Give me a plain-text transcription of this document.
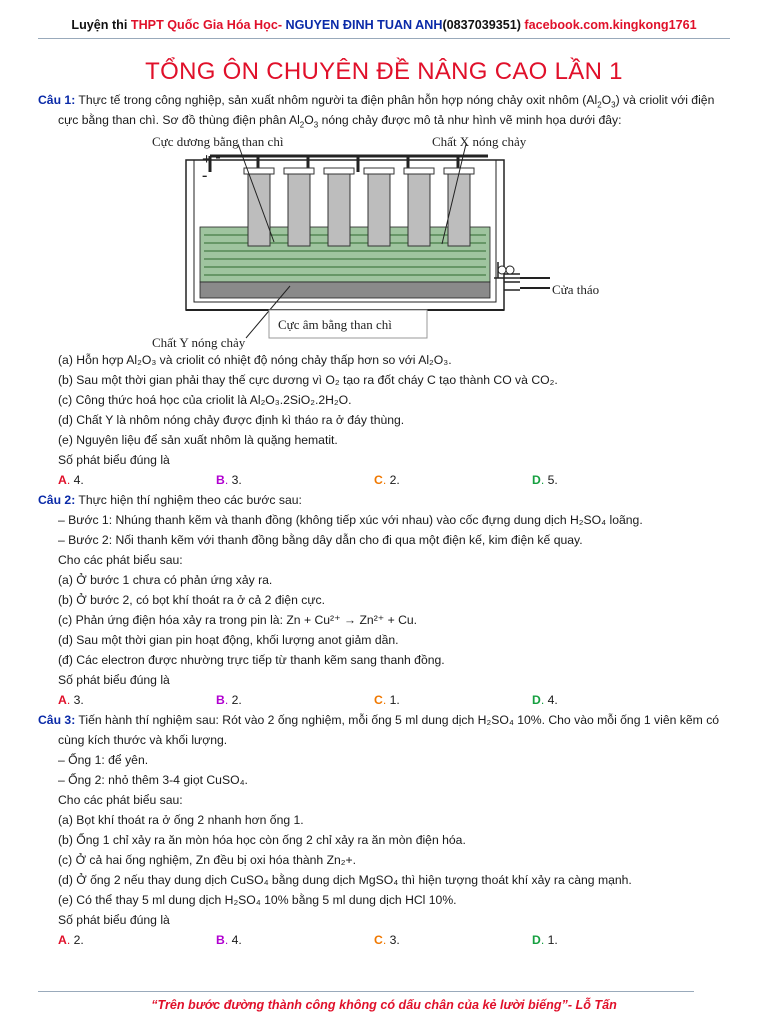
Luyện thi THPT Quốc Gia Hóa Học- NGUYEN ĐINH TUAN ANH(0837039351) facebook.com.kingkong1761
TỔNG ÔN CHUYÊN ĐỀ NÂNG CAO LẦN 1
Câu 1: Thực tế trong công nghiệp, sản xuất nhôm người ta điện phân hỗn hợp nóng chảy oxit nhôm $(Al_2O_3)$ và criolit với điện
cực bằng than chì. Sơ đồ thùng điện phân $Al_2O_3$ nóng chảy được mô tả như hình vẽ minh họa dưới đây:
+
-
Cực dương bằng than chì	Chất X nóng chảy
Cửa tháo
Cực âm bằng than chì
Chất Y nóng chảy
(a) Hỗn hợp Al₂O₃ và criolit có nhiệt độ nóng chảy thấp hơn so với Al₂O₃.
(b) Sau một thời gian phải thay thế cực dương vì O₂ tạo ra đốt cháy C tạo thành CO và CO₂.
(c) Công thức hoá học của criolit là Al₂O₃.2SiO₂.2H₂O.
(d) Chất Y là nhôm nóng chảy được định kì tháo ra ở đáy thùng.
(e) Nguyên liệu để sản xuất nhôm là quặng hematit.
Số phát biểu đúng là
A. 4.	B. 3.	C. 2.	D. 5.
Câu 2: Thực hiện thí nghiệm theo các bước sau:
– Bước 1: Nhúng thanh kẽm và thanh đồng (không tiếp xúc với nhau) vào cốc đựng dung dịch H₂SO₄ loãng.
– Bước 2: Nối thanh kẽm với thanh đồng bằng dây dẫn cho đi qua một điện kế, kim điện kế quay.
Cho các phát biểu sau:
(a) Ở bước 1 chưa có phản ứng xảy ra.
(b) Ở bước 2, có bọt khí thoát ra ở cả 2 điện cực.
(c) Phản ứng điện hóa xảy ra trong pin là: Zn + Cu²⁺ → Zn²⁺ + Cu.
(d) Sau một thời gian pin hoạt động, khối lượng anot giảm dần.
(đ) Các electron được nhường trực tiếp từ thanh kẽm sang thanh đồng.
Số phát biểu đúng là
A. 3.	B. 2.	C. 1.	D. 4.
Câu 3: Tiến hành thí nghiệm sau: Rót vào 2 ống nghiệm, mỗi ống 5 ml dung dịch H₂SO₄ 10%. Cho vào mỗi ống 1 viên kẽm có
cùng kích thước và khối lượng.
– Ống 1: để yên.
– Ống 2: nhỏ thêm 3-4 giọt CuSO₄.
Cho các phát biểu sau:
(a) Bọt khí thoát ra ở ống 2 nhanh hơn ống 1.
(b) Ống 1 chỉ xảy ra ăn mòn hóa học còn ống 2 chỉ xảy ra ăn mòn điện hóa.
(c) Ở cả hai ống nghiệm, Zn đều bị oxi hóa thành Zn₂+.
(d) Ở ống 2 nếu thay dung dịch CuSO₄ bằng dung dịch MgSO₄ thì hiện tượng thoát khí xảy ra càng mạnh.
(e) Có thể thay 5 ml dung dịch H₂SO₄ 10% bằng 5 ml dung dịch HCl 10%.
Số phát biểu đúng là
A. 2.	B. 4.	C. 3.	D. 1.
“Trên bước đường thành công không có dấu chân của kẻ lười biếng”- Lỗ Tấn
